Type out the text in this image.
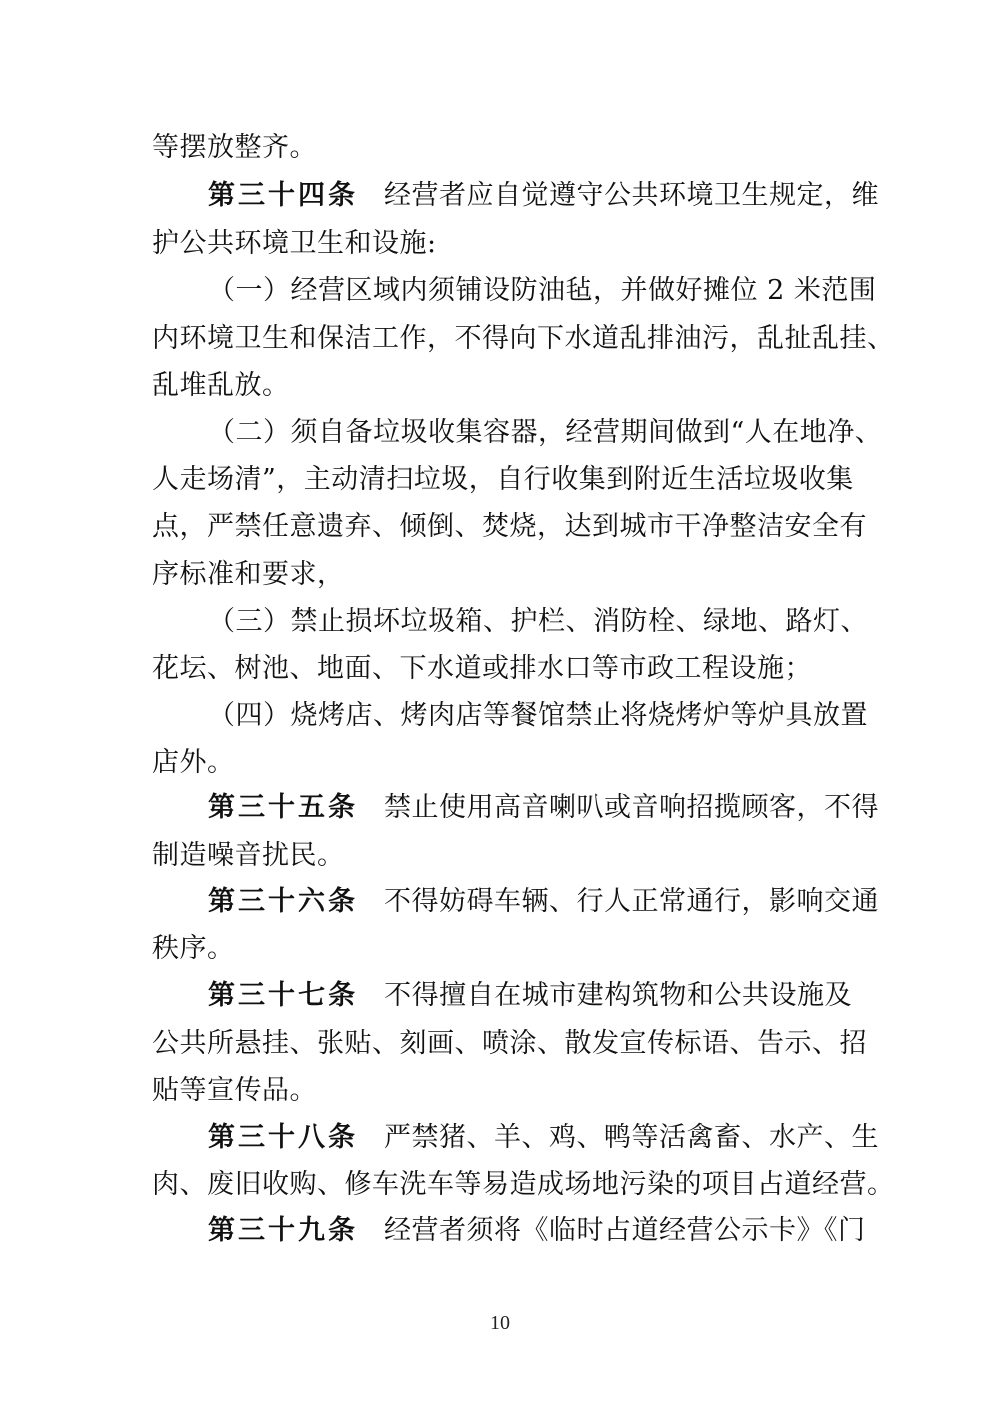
等摆放整齐。
第三十四条 经营者应自觉遵守公共环境卫生规定，维
护公共环境卫生和设施:
（一）经营区域内须铺设防油毡，并做好摊位 2 米范围
内环境卫生和保洁工作，不得向下水道乱排油污，乱扯乱挂、
乱堆乱放。
（二）须自备垃圾收集容器，经营期间做到“人在地净、
人走场清”，主动清扫垃圾，自行收集到附近生活垃圾收集
点，严禁任意遗弃、倾倒、焚烧，达到城市干净整洁安全有
序标准和要求，
（三）禁止损坏垃圾箱、护栏、消防栓、绿地、路灯、
花坛、树池、地面、下水道或排水口等市政工程设施；
（四）烧烤店、烤肉店等餐馆禁止将烧烤炉等炉具放置
店外。
第三十五条 禁止使用高音喇叭或音响招揽顾客，不得
制造噪音扰民。
第三十六条 不得妨碍车辆、行人正常通行，影响交通
秩序。
第三十七条 不得擅自在城市建构筑物和公共设施及
公共所悬挂、张贴、刻画、喷涂、散发宣传标语、告示、招
贴等宣传品。
第三十八条 严禁猪、羊、鸡、鸭等活禽畜、水产、生
肉、废旧收购、修车洗车等易造成场地污染的项目占道经营。
第三十九条 经营者须将《临时占道经营公示卡》《门
10
